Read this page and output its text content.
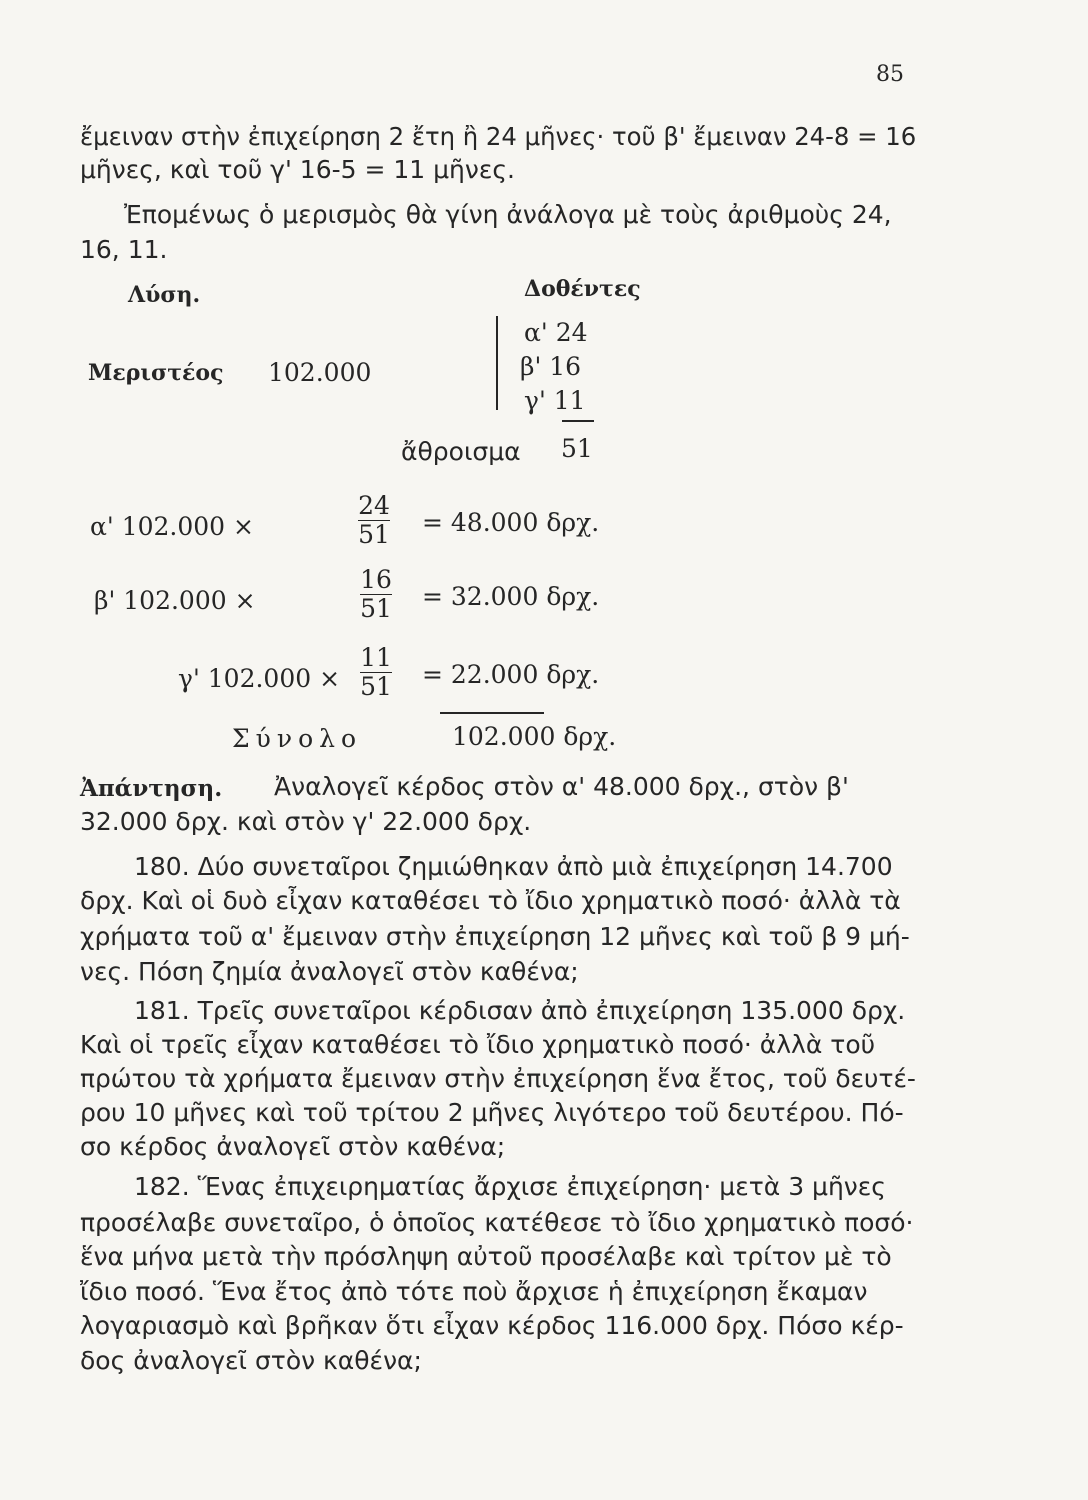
85
ἔμειναν στὴν ἐπιχείρηση 2 ἔτη ἢ 24 μῆνες· τοῦ β' ἔμειναν 24-8 = 16
μῆνες, καὶ τοῦ γ' 16-5 = 11 μῆνες.
Ἐπομένως ὁ μερισμὸς θὰ γίνη ἀνάλογα μὲ τοὺς ἀριθμοὺς 24,
16, 11.
Λύση.	Δοθέντες
Μεριστέος 102.000
α' 24
β' 16
γ' 11
ἄθροισμα 51
α' 102.000 ×
24
51 = 48.000 δρχ.
β' 102.000 ×
16
51 = 32.000 δρχ.
γ' 102.000 ×
11
51 = 22.000 δρχ.
Σύνολο	102.000 δρχ.
Ἀπάντηση. Ἀναλογεῖ κέρδος στὸν α' 48.000 δρχ., στὸν β'
32.000 δρχ. καὶ στὸν γ' 22.000 δρχ.
180. Δύο συνεταῖροι ζημιώθηκαν ἀπὸ μιὰ ἐπιχείρηση 14.700
δρχ. Καὶ οἱ δυὸ εἶχαν καταθέσει τὸ ἴδιο χρηματικὸ ποσό· ἀλλὰ τὰ
χρήματα τοῦ α' ἔμειναν στὴν ἐπιχείρηση 12 μῆνες καὶ τοῦ β 9 μή-
νες. Πόση ζημία ἀναλογεῖ στὸν καθένα;
181. Τρεῖς συνεταῖροι κέρδισαν ἀπὸ ἐπιχείρηση 135.000 δρχ.
Καὶ οἱ τρεῖς εἶχαν καταθέσει τὸ ἴδιο χρηματικὸ ποσό· ἀλλὰ τοῦ
πρώτου τὰ χρήματα ἔμειναν στὴν ἐπιχείρηση ἕνα ἔτος, τοῦ δευτέ-
ρου 10 μῆνες καὶ τοῦ τρίτου 2 μῆνες λιγότερο τοῦ δευτέρου. Πό-
σο κέρδος ἀναλογεῖ στὸν καθένα;
182. Ἕνας ἐπιχειρηματίας ἄρχισε ἐπιχείρηση· μετὰ 3 μῆνες
προσέλαβε συνεταῖρο, ὁ ὁποῖος κατέθεσε τὸ ἴδιο χρηματικὸ ποσό·
ἕνα μήνα μετὰ τὴν πρόσληψη αὐτοῦ προσέλαβε καὶ τρίτον μὲ τὸ
ἴδιο ποσό. Ἕνα ἔτος ἀπὸ τότε ποὺ ἄρχισε ἡ ἐπιχείρηση ἔκαμαν
λογαριασμὸ καὶ βρῆκαν ὅτι εἶχαν κέρδος 116.000 δρχ. Πόσο κέρ-
δος ἀναλογεῖ στὸν καθένα;
